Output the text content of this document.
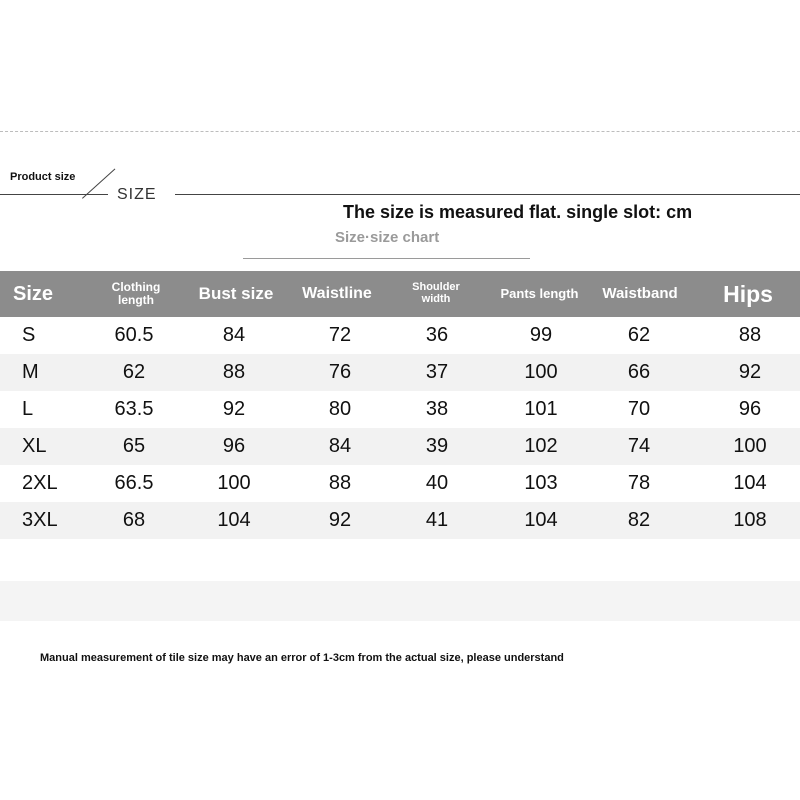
Product size
SIZE
The size is measured flat. single slot: cm
Size·size chart
Size	Clothing length	Bust size	Waistline	Shoulder width	Pants length	Waistband	Hips
S	60.5	84	72	36	99	62	88
M	62	88	76	37	100	66	92
L	63.5	92	80	38	101	70	96
XL	65	96	84	39	102	74	100
2XL	66.5	100	88	40	103	78	104
3XL	68	104	92	41	104	82	108
Manual measurement of tile size may have an error of 1-3cm from the actual size, please understand
